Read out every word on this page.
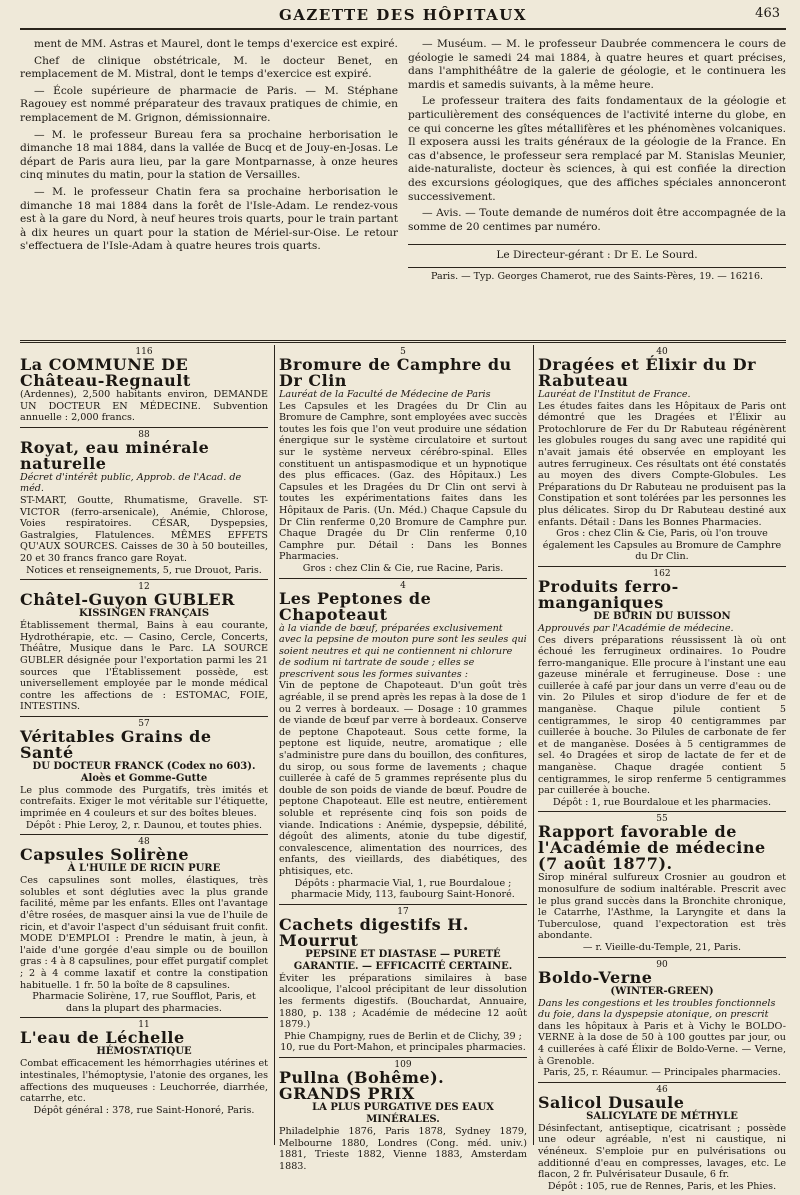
GAZETTE DES HÔPITAUX	463

ment de MM. Astras et Maurel, dont le temps d'exercice est expiré.

Chef de clinique obstétricale, M. le docteur Benet, en remplacement de M. Mistral, dont le temps d'exercice est expiré.

— École supérieure de pharmacie de Paris. — M. Stéphane Ragouey est nommé préparateur des travaux pratiques de chimie, en remplacement de M. Grignon, démissionnaire.

— M. le professeur Bureau fera sa prochaine herborisation le dimanche 18 mai 1884, dans la vallée de Bucq et de Jouy-en-Josas. Le départ de Paris aura lieu, par la gare Montparnasse, à onze heures cinq minutes du matin, pour la station de Versailles.

— M. le professeur Chatin fera sa prochaine herborisation le dimanche 18 mai 1884 dans la forêt de l'Isle-Adam. Le rendez-vous est à la gare du Nord, à neuf heures trois quarts, pour le train partant à dix heures un quart pour la station de Mériel-sur-Oise. Le retour s'effectuera de l'Isle-Adam à quatre heures trois quarts.

— Muséum. — M. le professeur Daubrée commencera le cours de géologie le samedi 24 mai 1884, à quatre heures et quart précises, dans l'amphithéâtre de la galerie de géologie, et le continuera les mardis et samedis suivants, à la même heure.

Le professeur traitera des faits fondamentaux de la géologie et particulièrement des conséquences de l'activité interne du globe, en ce qui concerne les gîtes métallifères et les phénomènes volcaniques. Il exposera aussi les traits généraux de la géologie de la France. En cas d'absence, le professeur sera remplacé par M. Stanislas Meunier, aide-naturaliste, docteur ès sciences, à qui est confiée la direction des excursions géologiques, que des affiches spéciales annonceront successivement.

— Avis. — Toute demande de numéros doit être accompagnée de la somme de 20 centimes par numéro.

Le Directeur-gérant : Dr E. Le Sourd.
Paris. — Typ. Georges Chamerot, rue des Saints-Pères, 19. — 16216.
116
La COMMUNE DE Château-Regnault

(Ardennes), 2,500 habitants environ, DEMANDE UN DOCTEUR EN MÉDECINE. Subvention annuelle : 2,000 francs.

88
Royat, eau minérale naturelle
Décret d'intérêt public, Approb. de l'Acad. de méd.

ST-MART, Goutte, Rhumatisme, Gravelle. ST-VICTOR (ferro-arsenicale), Anémie, Chlorose, Voies respiratoires. CÉSAR, Dyspepsies, Gastralgies, Flatulences. MÊMES EFFETS QU'AUX SOURCES. Caisses de 30 à 50 bouteilles, 20 et 30 francs franco gare Royat.

Notices et renseignements, 5, rue Drouot, Paris.
12
Châtel-Guyon GUBLER
KISSINGEN FRANÇAIS

Établissement thermal, Bains à eau courante, Hydrothérapie, etc. — Casino, Cercle, Concerts, Théâtre, Musique dans le Parc. LA SOURCE GUBLER désignée pour l'exportation parmi les 21 sources que l'Établissement possède, est universellement employée par le monde médical contre les affections de : ESTOMAC, FOIE, INTESTINS.

57
Véritables Grains de Santé
DU DOCTEUR FRANCK (Codex no 603). Aloès et Gomme-Gutte

Le plus commode des Purgatifs, très imités et contrefaits. Exiger le mot véritable sur l'étiquette, imprimée en 4 couleurs et sur des boîtes bleues.

Dépôt : Phie Leroy, 2, r. Daunou, et toutes phies.
48
Capsules Solirène
À L'HUILE DE RICIN PURE

Ces capsulines sont molles, élastiques, très solubles et sont dégluties avec la plus grande facilité, même par les enfants. Elles ont l'avantage d'être rosées, de masquer ainsi la vue de l'huile de ricin, et d'avoir l'aspect d'un séduisant fruit confit. MODE D'EMPLOI : Prendre le matin, à jeun, à l'aide d'une gorgée d'eau simple ou de bouillon gras : 4 à 8 capsulines, pour effet purgatif complet ; 2 à 4 comme laxatif et contre la constipation habituelle. 1 fr. 50 la boîte de 8 capsulines.

Pharmacie Solirène, 17, rue Soufflot, Paris, et dans la plupart des pharmacies.
11
L'eau de Léchelle
HÉMOSTATIQUE

Combat efficacement les hémorrhagies utérines et intestinales, l'hémoptysie, l'atonie des organes, les affections des muqueuses : Leuchorrée, diarrhée, catarrhe, etc.

Dépôt général : 378, rue Saint-Honoré, Paris.
5
Bromure de Camphre du Dr Clin
Lauréat de la Faculté de Médecine de Paris

Les Capsules et les Dragées du Dr Clin au Bromure de Camphre, sont employées avec succès toutes les fois que l'on veut produire une sédation énergique sur le système circulatoire et surtout sur le système nerveux cérébro-spinal. Elles constituent un antispasmodique et un hypnotique des plus efficaces. (Gaz. des Hôpitaux.) Les Capsules et les Dragées du Dr Clin ont servi à toutes les expérimentations faites dans les Hôpitaux de Paris. (Un. Méd.) Chaque Capsule du Dr Clin renferme 0,20 Bromure de Camphre pur. Chaque Dragée du Dr Clin renferme 0,10 Camphre pur. Détail : Dans les Bonnes Pharmacies.

Gros : chez Clin & Cie, rue Racine, Paris.
4
Les Peptones de Chapoteaut
à la viande de bœuf, préparées exclusivement avec la pepsine de mouton pure sont les seules qui soient neutres et qui ne contiennent ni chlorure de sodium ni tartrate de soude ; elles se prescrivent sous les formes suivantes :

Vin de peptone de Chapoteaut. D'un goût très agréable, il se prend après les repas à la dose de 1 ou 2 verres à bordeaux. — Dosage : 10 grammes de viande de bœuf par verre à bordeaux. Conserve de peptone Chapoteaut. Sous cette forme, la peptone est liquide, neutre, aromatique ; elle s'administre pure dans du bouillon, des confitures, du sirop, ou sous forme de lavements ; chaque cuillerée à café de 5 grammes représente plus du double de son poids de viande de bœuf. Poudre de peptone Chapoteaut. Elle est neutre, entièrement soluble et représente cinq fois son poids de viande. Indications : Anémie, dyspepsie, débilité, dégoût des aliments, atonie du tube digestif, convalescence, alimentation des nourrices, des enfants, des vieillards, des diabétiques, des phtisiques, etc.

Dépôts : pharmacie Vial, 1, rue Bourdaloue ; pharmacie Midy, 113, faubourg Saint-Honoré.
17
Cachets digestifs H. Mourrut
PEPSINE ET DIASTASE — PURETÉ GARANTIE. — EFFICACITÉ CERTAINE.

Éviter les préparations similaires à base alcoolique, l'alcool précipitant de leur dissolution les ferments digestifs. (Bouchardat, Annuaire, 1880, p. 138 ; Académie de médecine 12 août 1879.)

Phie Champigny, rues de Berlin et de Clichy, 39 ; 10, rue du Port-Mahon, et principales pharmacies.
109
Pullna (Bohême). GRANDS PRIX
LA PLUS PURGATIVE DES EAUX MINÉRALES.

Philadelphie 1876, Paris 1878, Sydney 1879, Melbourne 1880, Londres (Cong. méd. univ.) 1881, Trieste 1882, Vienne 1883, Amsterdam 1883.

40
Dragées et Élixir du Dr Rabuteau
Lauréat de l'Institut de France.

Les études faites dans les Hôpitaux de Paris ont démontré que les Dragées et l'Élixir au Protochlorure de Fer du Dr Rabuteau régénèrent les globules rouges du sang avec une rapidité qui n'avait jamais été observée en employant les autres ferrugineux. Ces résultats ont été constatés au moyen des divers Compte-Globules. Les Préparations du Dr Rabuteau ne produisent pas la Constipation et sont tolérées par les personnes les plus délicates. Sirop du Dr Rabuteau destiné aux enfants. Détail : Dans les Bonnes Pharmacies.

Gros : chez Clin & Cie, Paris, où l'on trouve également les Capsules au Bromure de Camphre du Dr Clin.
162
Produits ferro-manganiques
DE BURIN DU BUISSON
Approuvés par l'Académie de médecine.

Ces divers préparations réussissent là où ont échoué les ferrugineux ordinaires. 1o Poudre ferro-manganique. Elle procure à l'instant une eau gazeuse minérale et ferrugineuse. Dose : une cuillerée à café par jour dans un verre d'eau ou de vin. 2o Pilules et sirop d'iodure de fer et de manganèse. Chaque pilule contient 5 centigrammes, le sirop 40 centigrammes par cuillerée à bouche. 3o Pilules de carbonate de fer et de manganèse. Dosées à 5 centigrammes de sel. 4o Dragées et sirop de lactate de fer et de manganèse. Chaque dragée contient 5 centigrammes, le sirop renferme 5 centigrammes par cuillerée à bouche.

Dépôt : 1, rue Bourdaloue et les pharmacies.
55
Rapport favorable de l'Académie de médecine (7 août 1877).

Sirop minéral sulfureux Crosnier au goudron et monosulfure de sodium inaltérable. Prescrit avec le plus grand succès dans la Bronchite chronique, le Catarrhe, l'Asthme, la Laryngite et dans la Tuberculose, quand l'expectoration est très abondante.

— r. Vieille-du-Temple, 21, Paris.
90
Boldo-Verne
(WINTER-GREEN)
Dans les congestions et les troubles fonctionnels du foie, dans la dyspepsie atonique, on prescrit

dans les hôpitaux à Paris et à Vichy le BOLDO-VERNE à la dose de 50 à 100 gouttes par jour, ou 4 cuillerées à café Élixir de Boldo-Verne. — Verne, à Grenoble.

Paris, 25, r. Réaumur. — Principales pharmacies.
46
Salicol Dusaule
SALICYLATE DE MÉTHYLE

Désinfectant, antiseptique, cicatrisant ; possède une odeur agréable, n'est ni caustique, ni vénéneux. S'emploie pur en pulvérisations ou additionné d'eau en compresses, lavages, etc. Le flacon, 2 fr. Pulvérisateur Dusaule, 6 fr.

Dépôt : 105, rue de Rennes, Paris, et les Phies.
